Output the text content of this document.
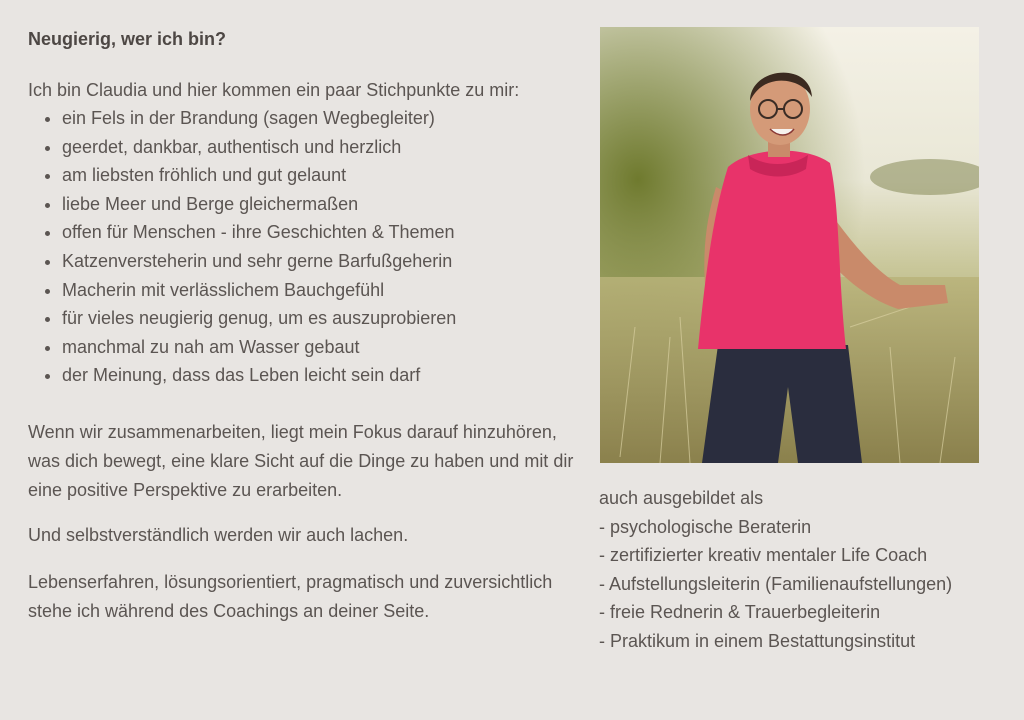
Neugierig, wer ich bin?

Ich bin Claudia und hier kommen ein paar Stichpunkte zu mir:

• ein Fels in der Brandung (sagen Wegbegleiter)
• geerdet, dankbar, authentisch und herzlich
• am liebsten fröhlich und gut gelaunt
• liebe Meer und Berge gleichermaßen
• offen für Menschen - ihre Geschichten & Themen
• Katzenversteherin und sehr gerne Barfußgeherin
• Macherin mit verlässlichem Bauchgefühl
• für vieles neugierig genug, um es auszuprobieren
• manchmal zu nah am Wasser gebaut
• der Meinung, dass das Leben leicht sein darf

Wenn wir zusammenarbeiten, liegt mein Fokus darauf hinzuhören, was dich bewegt, eine klare Sicht auf die Dinge zu haben und mit dir eine positive Perspektive zu erarbeiten.

Und selbstverständlich werden wir auch lachen.

Lebenserfahren, lösungsorientiert, pragmatisch und zuversichtlich stehe ich während des Coachings an deiner Seite.

auch ausgebildet als
- psychologische Beraterin
- zertifizierter kreativ mentaler Life Coach
- Aufstellungsleiterin (Familienaufstellungen)
- freie Rednerin & Trauerbegleiterin
- Praktikum in einem Bestattungsinstitut
